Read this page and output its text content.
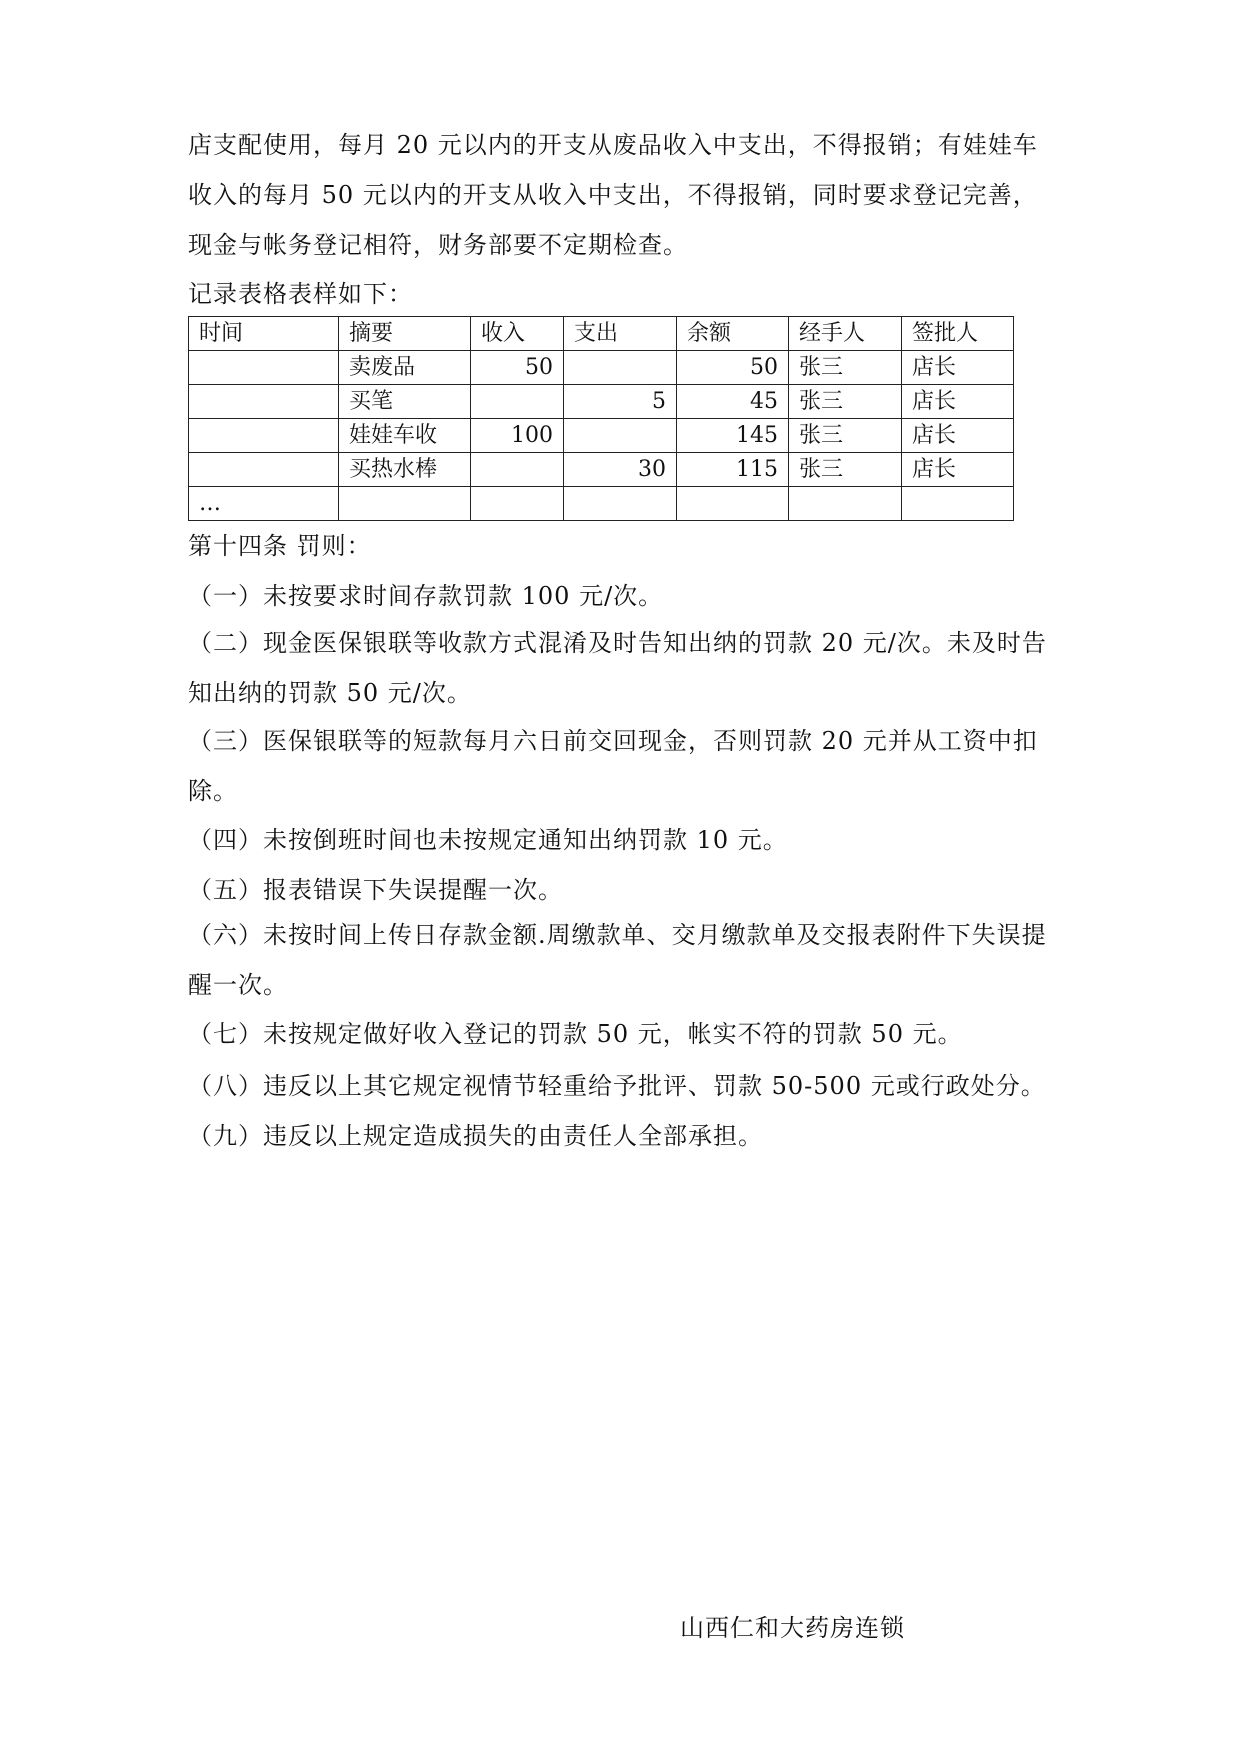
店支配使用，每月 20 元以内的开支从废品收入中支出，不得报销；有娃娃车收入的每月 50 元以内的开支从收入中支出，不得报销，同时要求登记完善，现金与帐务登记相符，财务部要不定期检查。

记录表格表样如下：
时间	摘要	收入	支出	余额	经手人	签批人
	卖废品	50		50	张三	店长
	买笔		5	45	张三	店长
	娃娃车收	100		145	张三	店长
	买热水棒		30	115	张三	店长
…						
第十四条 罚则：
（一）未按要求时间存款罚款 100 元/次。

（二）现金医保银联等收款方式混淆及时告知出纳的罚款 20 元/次。未及时告知出纳的罚款 50 元/次。

（三）医保银联等的短款每月六日前交回现金，否则罚款 20 元并从工资中扣除。

（四）未按倒班时间也未按规定通知出纳罚款 10 元。
（五）报表错误下失误提醒一次。

（六）未按时间上传日存款金额.周缴款单、交月缴款单及交报表附件下失误提醒一次。

（七）未按规定做好收入登记的罚款 50 元，帐实不符的罚款 50 元。
（八）违反以上其它规定视情节轻重给予批评、罚款 50-500 元或行政处分。
（九）违反以上规定造成损失的由责任人全部承担。
山西仁和大药房连锁
